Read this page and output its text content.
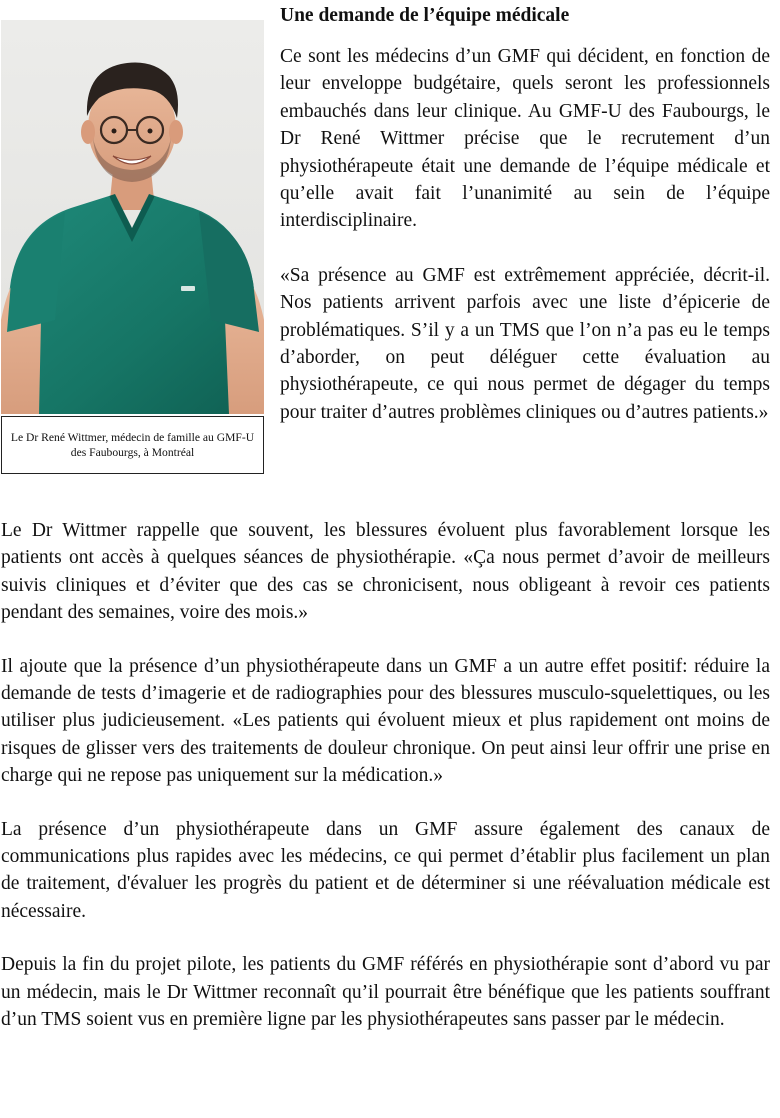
Le Dr René Wittmer, médecin de famille au GMF-U des Faubourgs, à Montréal
Une demande de l’équipe médicale

Ce sont les médecins d’un GMF qui décident, en fonction de leur enveloppe budgétaire, quels seront les professionnels embauchés dans leur clinique. Au GMF-U des Faubourgs, le Dr René Wittmer précise que le recrutement d’un physiothérapeute était une demande de l’équipe médicale et qu’elle avait fait l’unanimité au sein de l’équipe interdisciplinaire.

«Sa présence au GMF est extrêmement appréciée, décrit-il. Nos patients arrivent parfois avec une liste d’épicerie de problématiques. S’il y a un TMS que l’on n’a pas eu le temps d’aborder, on peut déléguer cette évaluation au physiothérapeute, ce qui nous permet de dégager du temps pour traiter d’autres problèmes cliniques ou d’autres patients.»

Le Dr Wittmer rappelle que souvent, les blessures évoluent plus favorablement lorsque les patients ont accès à quelques séances de physiothérapie. «Ça nous permet d’avoir de meilleurs suivis cliniques et d’éviter que des cas se chronicisent, nous obligeant à revoir ces patients pendant des semaines, voire des mois.»

Il ajoute que la présence d’un physiothérapeute dans un GMF a un autre effet positif: réduire la demande de tests d’imagerie et de radiographies pour des blessures musculo-squelettiques, ou les utiliser plus judicieusement. «Les patients qui évoluent mieux et plus rapidement ont moins de risques de glisser vers des traitements de douleur chronique. On peut ainsi leur offrir une prise en charge qui ne repose pas uniquement sur la médication.»

La présence d’un physiothérapeute dans un GMF assure également des canaux de communications plus rapides avec les médecins, ce qui permet d’établir plus facilement un plan de traitement, d'évaluer les progrès du patient et de déterminer si une réévaluation médicale est nécessaire.

Depuis la fin du projet pilote, les patients du GMF référés en physiothérapie sont d’abord vu par un médecin, mais le Dr Wittmer reconnaît qu’il pourrait être bénéfique que les patients souffrant d’un TMS soient vus en première ligne par les physiothérapeutes sans passer par le médecin.
